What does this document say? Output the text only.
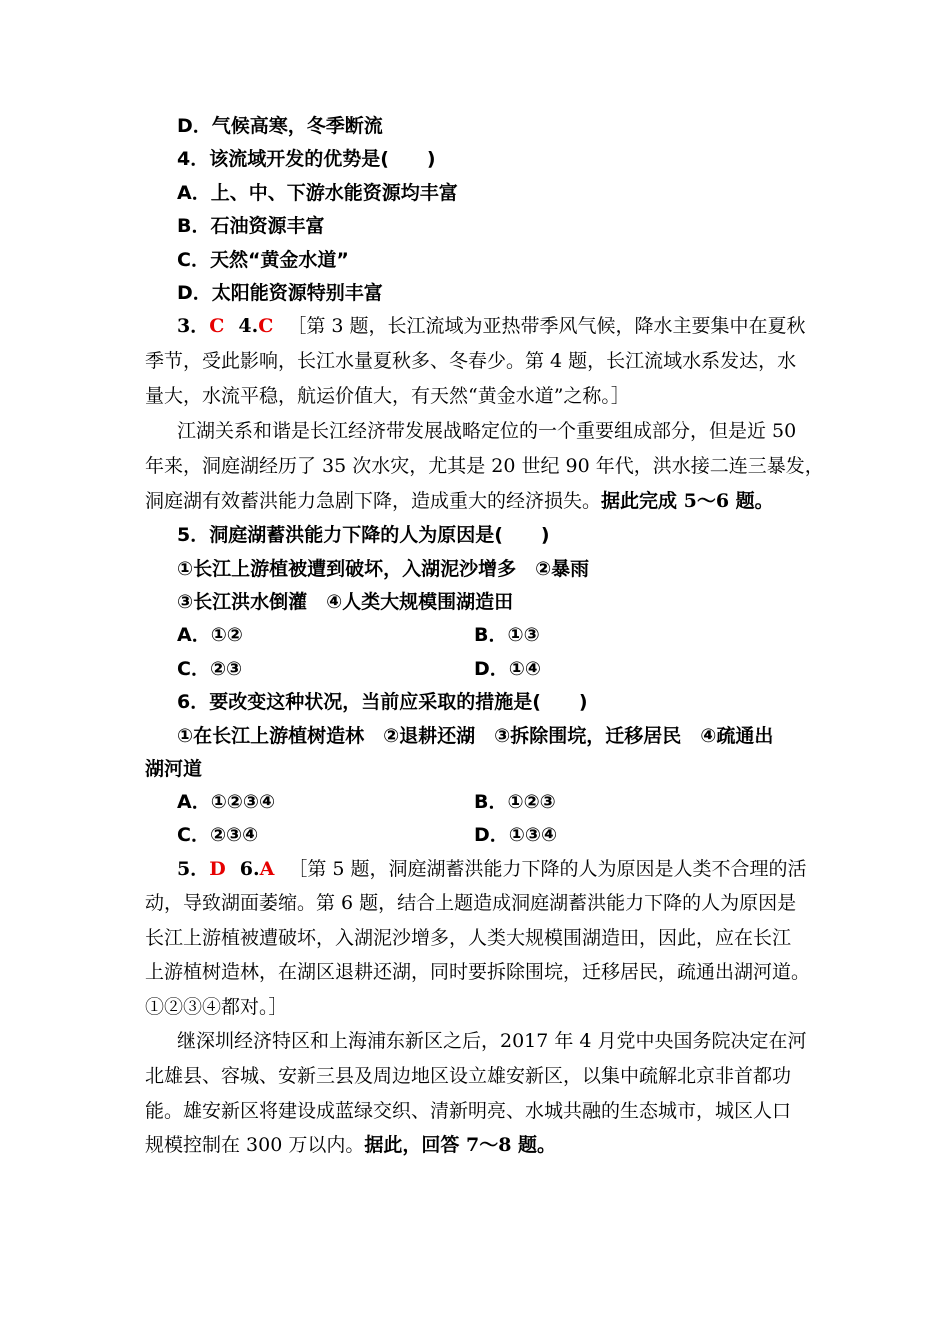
D．气候高寒，冬季断流
4．该流域开发的优势是(　　)
A．上、中、下游水能资源均丰富
B．石油资源丰富
C．天然“黄金水道”
D．太阳能资源特别丰富
3．C 4.C ［第 3 题，长江流域为亚热带季风气候，降水主要集中在夏秋
季节，受此影响，长江水量夏秋多、冬春少。第 4 题，长江流域水系发达，水
量大，水流平稳，航运价值大，有天然“黄金水道”之称。］
江湖关系和谐是长江经济带发展战略定位的一个重要组成部分，但是近 50
年来，洞庭湖经历了 35 次水灾，尤其是 20 世纪 90 年代，洪水接二连三暴发，
洞庭湖有效蓄洪能力急剧下降，造成重大的经济损失。据此完成 5～6 题。
5．洞庭湖蓄洪能力下降的人为原因是(　　)
①长江上游植被遭到破坏，入湖泥沙增多　②暴雨
③长江洪水倒灌　④人类大规模围湖造田
A．①②	B．①③
C．②③	D．①④
6．要改变这种状况，当前应采取的措施是(　　)
①在长江上游植树造林　②退耕还湖　③拆除围垸，迁移居民　④疏通出
湖河道
A．①②③④	B．①②③
C．②③④	D．①③④
5．D 6.A ［第 5 题，洞庭湖蓄洪能力下降的人为原因是人类不合理的活
动，导致湖面萎缩。第 6 题，结合上题造成洞庭湖蓄洪能力下降的人为原因是
长江上游植被遭破坏，入湖泥沙增多，人类大规模围湖造田，因此，应在长江
上游植树造林，在湖区退耕还湖，同时要拆除围垸，迁移居民，疏通出湖河道。
①②③④都对。］
继深圳经济特区和上海浦东新区之后，2017 年 4 月党中央国务院决定在河
北雄县、容城、安新三县及周边地区设立雄安新区，以集中疏解北京非首都功
能。雄安新区将建设成蓝绿交织、清新明亮、水城共融的生态城市，城区人口
规模控制在 300 万以内。据此，回答 7～8 题。
